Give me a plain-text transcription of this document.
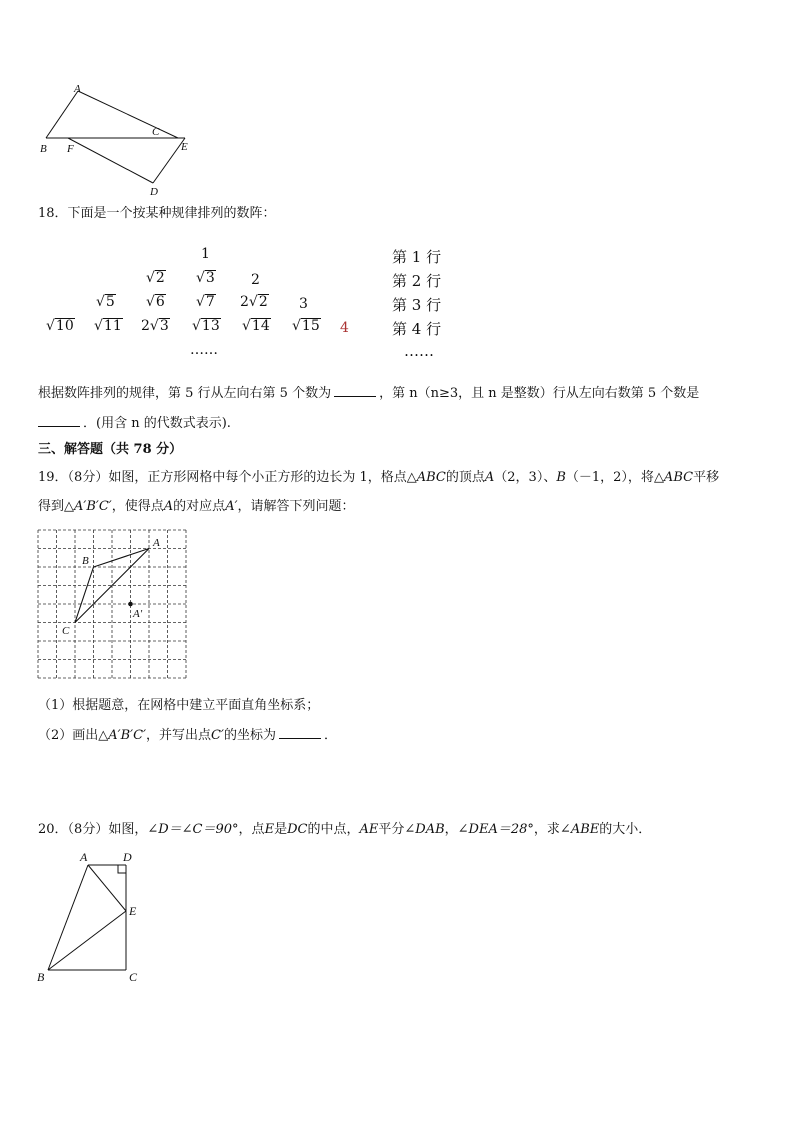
A
B F
C
E
D
18．下面是一个按某种规律排列的数阵：
1
√2 √3	2
√5 √6 √7 2√2 3
√10 √11 2√3 √13 √14 √15 4
……
第 1 行
第 2 行
第 3 行
第 4 行
……
根据数阵排列的规律，第 5 行从左向右第 5 个数为	，第 n（n≥3，且 n 是整数）行从左向右数第 5 个数是
．(用含 n 的代数式表示).
三、解答题（共 78 分）
19．（8分）如图，正方形网格中每个小正方形的边长为 1，格点△ABC的顶点A（2，3）、B（－1，2），将△ABC平移
得到△A′B′C′，使得点A的对应点A′，请解答下列问题：
A
B
C
A′
（1）根据题意，在网格中建立平面直角坐标系；
（2）画出△A′B′C′，并写出点C′的坐标为	．
20．（8分）如图，∠D＝∠C＝90°，点E是DC的中点，AE平分∠DAB，∠DEA＝28°，求∠ABE的大小．
A	D
E
B	C
